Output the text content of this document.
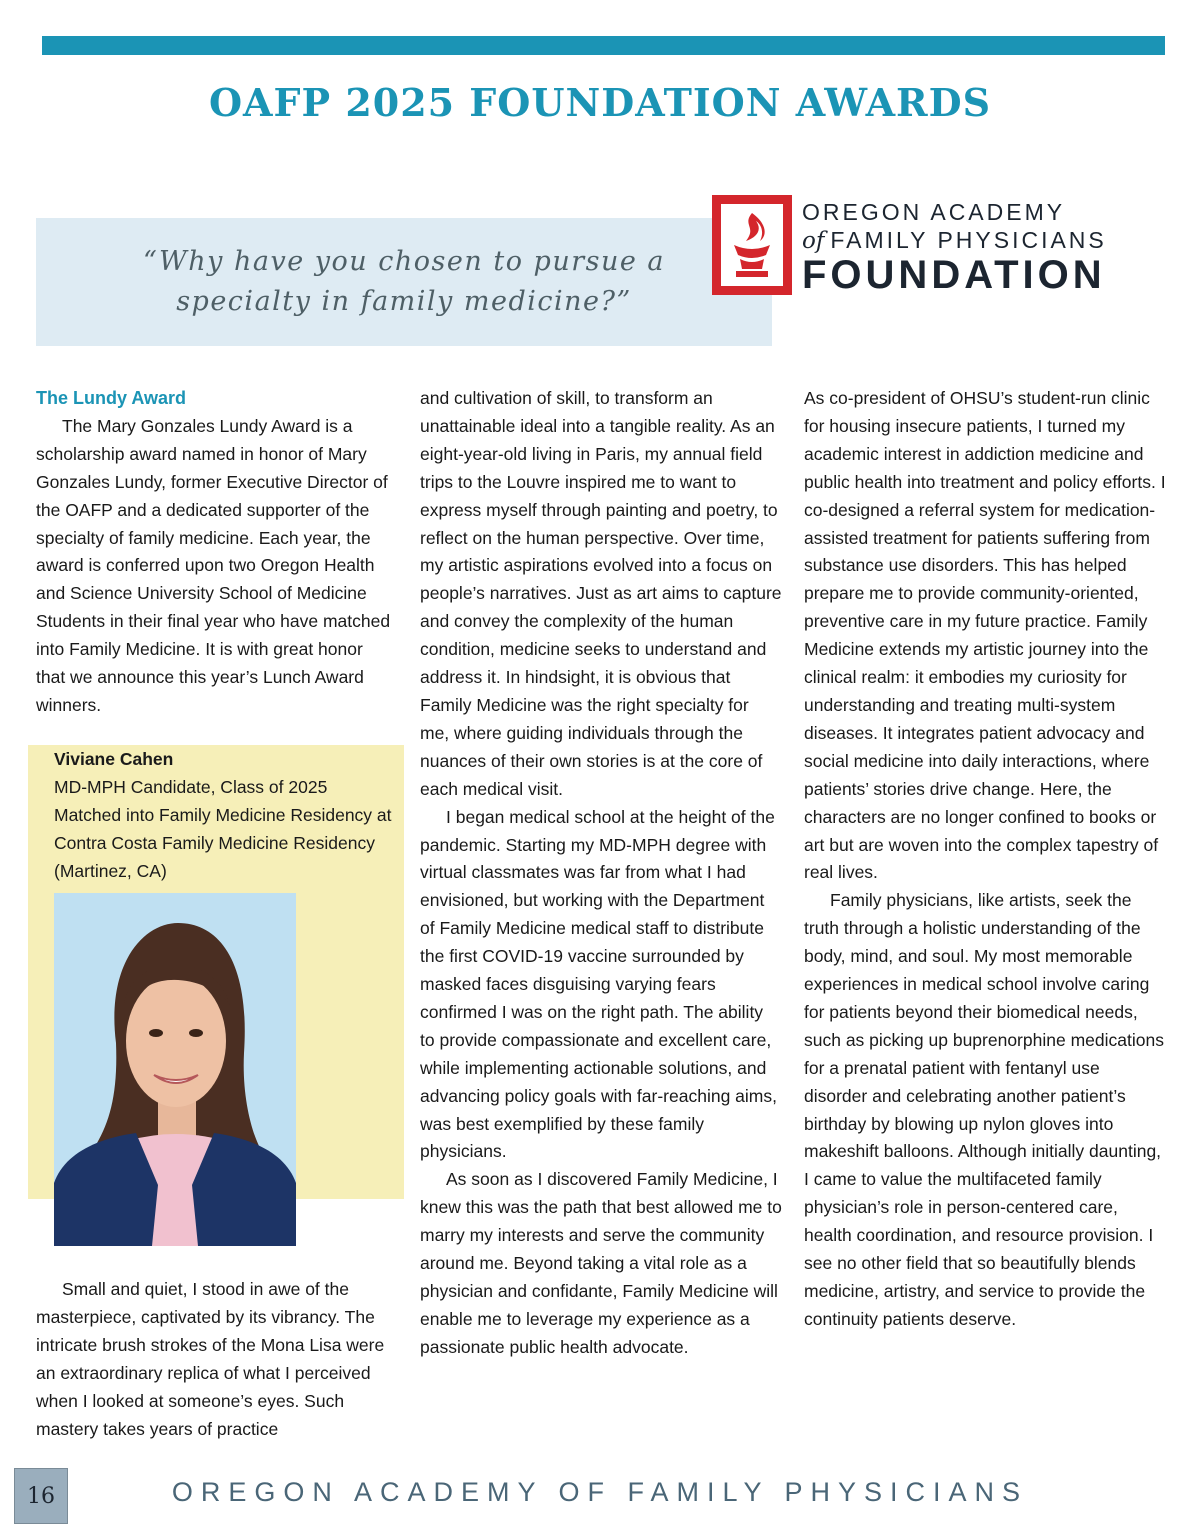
OAFP 2025 FOUNDATION AWARDS

“Why have you chosen to pursue a specialty in family medicine?”

OREGON ACADEMY
of FAMILY PHYSICIANS
FOUNDATION
The Lundy Award

The Mary Gonzales Lundy Award is a scholarship award named in honor of Mary Gonzales Lundy, former Executive Director of the OAFP and a dedicated supporter of the specialty of family medicine. Each year, the award is conferred upon two Oregon Health and Science University School of Medicine Students in their final year who have matched into Family Medicine. It is with great honor that we announce this year’s Lunch Award winners.

Viviane Cahen

MD-MPH Candidate, Class of 2025

Matched into Family Medicine Residency at Contra Costa Family Medicine Residency (Martinez, CA)

Small and quiet, I stood in awe of the masterpiece, captivated by its vibrancy. The intricate brush strokes of the Mona Lisa were an extraordinary replica of what I perceived when I looked at someone’s eyes. Such mastery takes years of practice

and cultivation of skill, to transform an unattainable ideal into a tangible reality. As an eight-year-old living in Paris, my annual field trips to the Louvre inspired me to want to express myself through painting and poetry, to reflect on the human perspective. Over time, my artistic aspirations evolved into a focus on people’s narratives. Just as art aims to capture and convey the complexity of the human condition, medicine seeks to understand and address it. In hindsight, it is obvious that Family Medicine was the right specialty for me, where guiding individuals through the nuances of their own stories is at the core of each medical visit.

I began medical school at the height of the pandemic. Starting my MD-MPH degree with virtual classmates was far from what I had envisioned, but working with the Department of Family Medicine medical staff to distribute the first COVID-19 vaccine surrounded by masked faces disguising varying fears confirmed I was on the right path. The ability to provide compassionate and excellent care, while implementing actionable solutions, and advancing policy goals with far-reaching aims, was best exemplified by these family physicians.

As soon as I discovered Family Medicine, I knew this was the path that best allowed me to marry my interests and serve the community around me. Beyond taking a vital role as a physician and confidante, Family Medicine will enable me to leverage my experience as a passionate public health advocate.

As co-president of OHSU’s student-run clinic for housing insecure patients, I turned my academic interest in addiction medicine and public health into treatment and policy efforts. I co-designed a referral system for medication-assisted treatment for patients suffering from substance use disorders. This has helped prepare me to provide community-oriented, preventive care in my future practice. Family Medicine extends my artistic journey into the clinical realm: it embodies my curiosity for understanding and treating multi-system diseases. It integrates patient advocacy and social medicine into daily interactions, where patients’ stories drive change. Here, the characters are no longer confined to books or art but are woven into the complex tapestry of real lives.

Family physicians, like artists, seek the truth through a holistic understanding of the body, mind, and soul. My most memorable experiences in medical school involve caring for patients beyond their biomedical needs, such as picking up buprenorphine medications for a prenatal patient with fentanyl use disorder and celebrating another patient’s birthday by blowing up nylon gloves into makeshift balloons. Although initially daunting, I came to value the multifaceted family physician’s role in person-centered care, health coordination, and resource provision. I see no other field that so beautifully blends medicine, artistry, and service to provide the continuity patients deserve.

16	OREGON ACADEMY OF FAMILY PHYSICIANS
